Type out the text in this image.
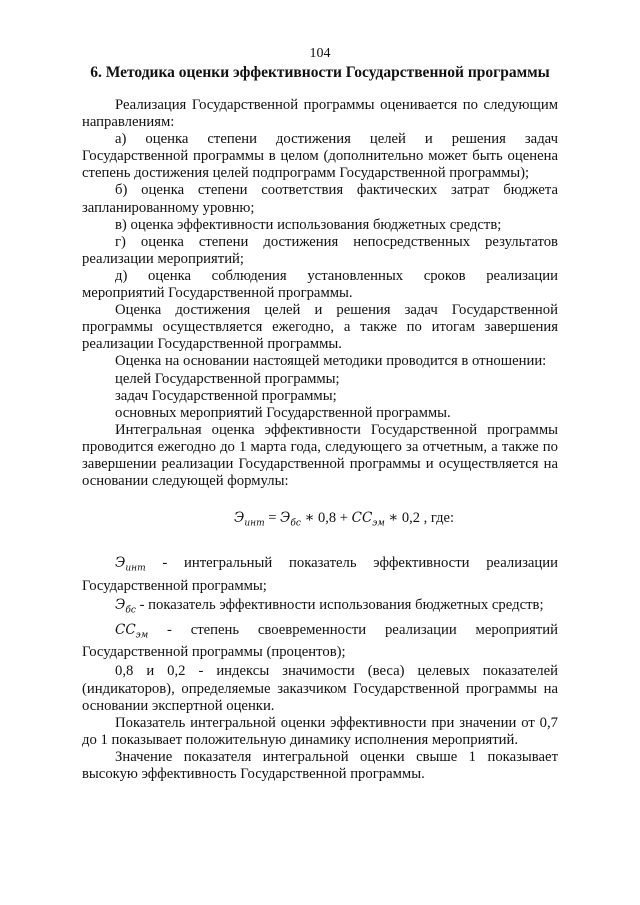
104
6. Методика оценки эффективности Государственной программы

Реализация Государственной программы оценивается по следующим направлениям:

а) оценка степени достижения целей и решения задач Государственной программы в целом (дополнительно может быть оценена степень достижения целей подпрограмм Государственной программы);

б) оценка степени соответствия фактических затрат бюджета запланированному уровню;

в) оценка эффективности использования бюджетных средств;

г) оценка степени достижения непосредственных результатов реализации мероприятий;

д) оценка соблюдения установленных сроков реализации мероприятий Государственной программы.

Оценка достижения целей и решения задач Государственной программы осуществляется ежегодно, а также по итогам завершения реализации Государственной программы.

Оценка на основании настоящей методики проводится в отношении:

целей Государственной программы;

задач Государственной программы;

основных мероприятий Государственной программы.

Интегральная оценка эффективности Государственной программы проводится ежегодно до 1 марта года, следующего за отчетным, а также по завершении реализации Государственной программы и осуществляется на основании следующей формулы:

$Э_{инт} = Э_{бс}$ ∗ $0,8 + СС_{эм}$ ∗ 0,2 , где:

$Э_{инт}$ - интегральный показатель эффективности реализации Государственной программы;

$Э_{бс}$ - показатель эффективности использования бюджетных средств;

$СС_{эм}$ - степень своевременности реализации мероприятий Государственной программы (процентов);

0,8 и 0,2 - индексы значимости (веса) целевых показателей (индикаторов), определяемые заказчиком Государственной программы на основании экспертной оценки.

Показатель интегральной оценки эффективности при значении от 0,7 до 1 показывает положительную динамику исполнения мероприятий.

Значение показателя интегральной оценки свыше 1 показывает высокую эффективность Государственной программы.
